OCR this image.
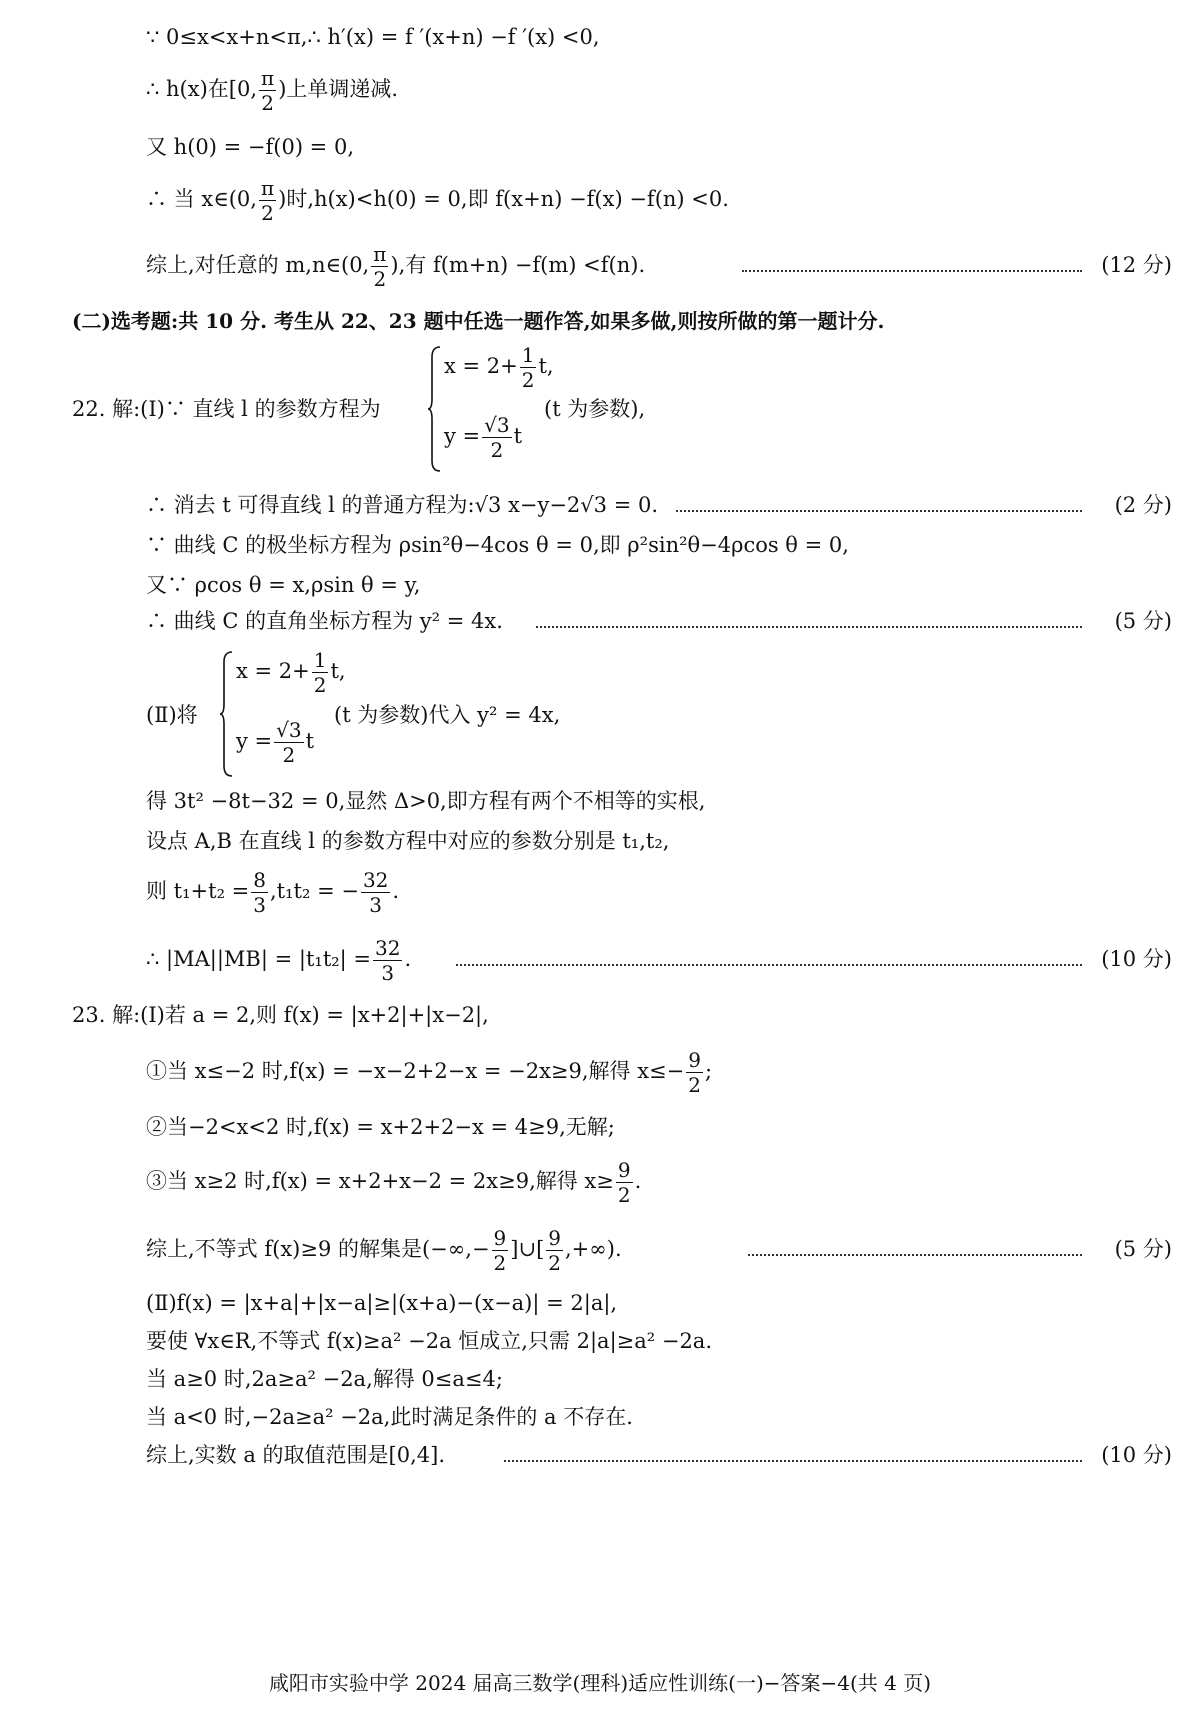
∵ 0≤x<x+n<π,∴ h′(x) = f ′(x+n) −f ′(x) <0,
∴ h(x)在[0, $\frac{\pi}{2}$ )上单调递减.
又 h(0) = −f(0) = 0,
∴ 当 x∈(0, $\frac{\pi}{2}$ )时,h(x)<h(0) = 0,即 f(x+n) −f(x) −f(n) <0.
综上,对任意的 m,n∈(0, $\frac{\pi}{2}$ ),有 f(m+n) −f(m) <f(n).	(12 分)
(二)选考题:共 10 分. 考生从 22、23 题中任选一题作答,如果多做,则按所做的第一题计分.
22. 解:(Ⅰ)∵ 直线 l 的参数方程为	(t 为参数),
$x = 2+ \frac{1}{2} t$,
$y = \frac{√3}{2}$ t
∴ 消去 t 可得直线 l 的普通方程为:√3 x−y−2√3 = 0.	(2 分)
∵ 曲线 C 的极坐标方程为 ρsin²θ−4cos θ = 0,即 ρ²sin²θ−4ρcos θ = 0,
又∵ ρcos θ = x,ρsin θ = y,
∴ 曲线 C 的直角坐标方程为 y² = 4x.	(5 分)
(Ⅱ)将	(t 为参数)代入 y² = 4x,
$x = 2+ \frac{1}{2} t$,
$y = \frac{√3}{2}$ t
得 3t² −8t−32 = 0,显然 Δ>0,即方程有两个不相等的实根,
设点 A,B 在直线 l 的参数方程中对应的参数分别是 t₁,t₂,
则 $t_1+t_2 = \frac{8}{3} ,t_1t_2$ = − $\frac{32}{3}$ .
∴ $|MA||MB| = |t_1t_2| = \frac{32}{3}$ .	(10 分)
23. 解:(Ⅰ)若 a = 2,则 f(x) = |x+2|+|x−2|,
①当 x≤−2 时,f(x) = −x−2+2−x = −2x≥9,解得 $x\le- \frac{9}{2}$ ;
②当−2<x<2 时,f(x) = x+2+2−x = 4≥9,无解;
③当 x≥2 时,f(x) = x+2+x−2 = 2x≥9,解得 $x\ge \frac{9}{2}$ .
综上,不等式 f(x)≥9 的解集是(−∞,− $\frac{9}{2}$ ]∪[ $\frac{9}{2}$ ,+∞).	(5 分)
(Ⅱ)f(x) = |x+a|+|x−a|≥|(x+a)−(x−a)| = 2|a|,
要使 ∀x∈R,不等式 f(x)≥a² −2a 恒成立,只需 2|a|≥a² −2a.
当 a≥0 时,2a≥a² −2a,解得 0≤a≤4;
当 a<0 时,−2a≥a² −2a,此时满足条件的 a 不存在.
综上,实数 a 的取值范围是[0,4].	(10 分)
咸阳市实验中学 2024 届高三数学(理科)适应性训练(一)−答案−4(共 4 页)
